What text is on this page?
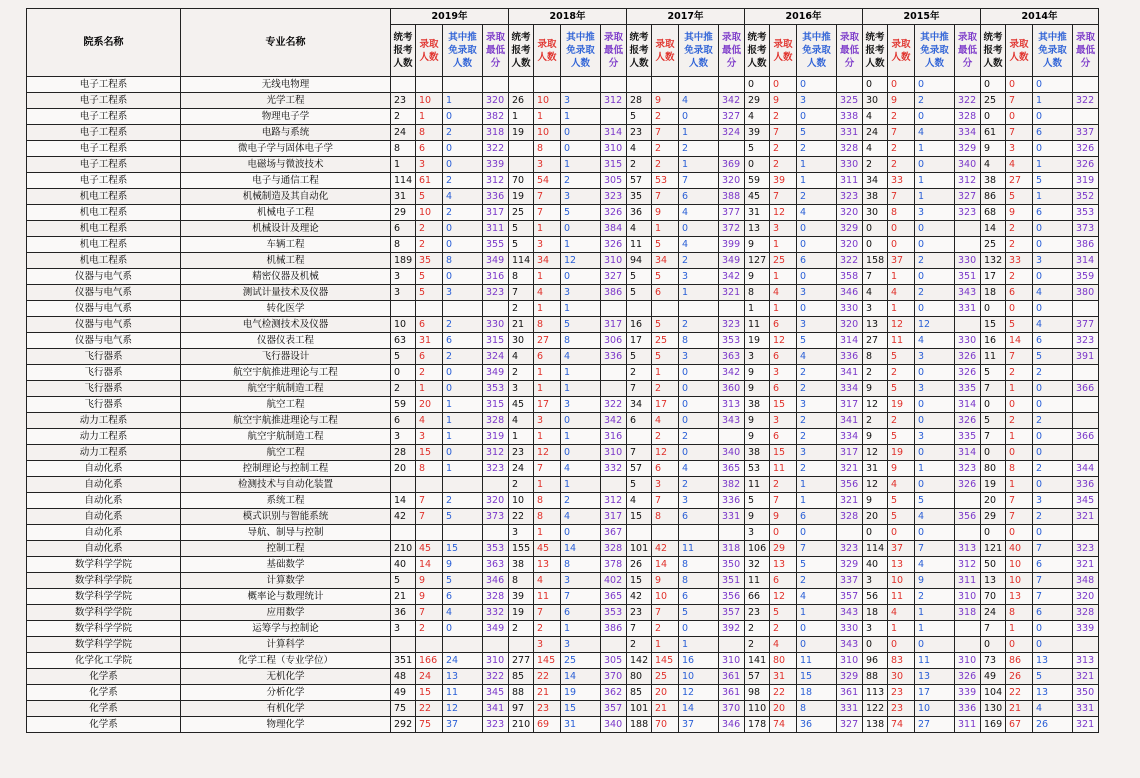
院系名称	专业名称	2019年				2018年				2017年				2016年				2015年				2014年			
		统考报考人数	录取人数	其中推免录取人数	录取最低分	统考报考人数	录取人数	其中推免录取人数	录取最低分	统考报考人数	录取人数	其中推免录取人数	录取最低分	统考报考人数	录取人数	其中推免录取人数	录取最低分	统考报考人数	录取人数	其中推免录取人数	录取最低分	统考报考人数	录取人数	其中推免录取人数	录取最低分
电子工程系	无线电物理													0	0	0		0	0	0		0	0	0	
电子工程系	光学工程	23	10	1	320	26	10	3	312	28	9	4	342	29	9	3	325	30	9	2	322	25	7	1	322
电子工程系	物理电子学	2	1	0	382	1	1	1		5	2	0	327	4	2	0	338	4	2	0	328	0	0	0	
电子工程系	电路与系统	24	8	2	318	19	10	0	314	23	7	1	324	39	7	5	331	24	7	4	334	61	7	6	337
电子工程系	微电子学与固体电子学	8	6	0	322		8	0	310	4	2	2		5	2	2	328	4	2	1	329	9	3	0	326
电子工程系	电磁场与微波技术	1	3	0	339		3	1	315	2	2	1	369	0	2	1	330	2	2	0	340	4	4	1	326
电子工程系	电子与通信工程	114	61	2	312	70	54	2	305	57	53	7	320	59	39	1	311	34	33	1	312	38	27	5	319
机电工程系	机械制造及其自动化	31	5	4	336	19	7	3	323	35	7	6	388	45	7	2	323	38	7	1	327	86	5	1	352
机电工程系	机械电子工程	29	10	2	317	25	7	5	326	36	9	4	377	31	12	4	320	30	8	3	323	68	9	6	353
机电工程系	机械设计及理论	6	2	0	311	5	1	0	384	4	1	0	372	13	3	0	329	0	0	0		14	2	0	373
机电工程系	车辆工程	8	2	0	355	5	3	1	326	11	5	4	399	9	1	0	320	0	0	0		25	2	0	386
机电工程系	机械工程	189	35	8	349	114	34	12	310	94	34	2	349	127	25	6	322	158	37	2	330	132	33	3	314
仪器与电气系	精密仪器及机械	3	5	0	316	8	1	0	327	5	5	3	342	9	1	0	358	7	1	0	351	17	2	0	359
仪器与电气系	测试计量技术及仪器	3	5	3	323	7	4	3	386	5	6	1	321	8	4	3	346	4	4	2	343	18	6	4	380
仪器与电气系	转化医学					2	1	1						1	1	0	330	3	1	0	331	0	0	0	
仪器与电气系	电气检测技术及仪器	10	6	2	330	21	8	5	317	16	5	2	323	11	6	3	320	13	12	12		15	5	4	377
仪器与电气系	仪器仪表工程	63	31	6	315	30	27	8	306	17	25	8	353	19	12	5	314	27	11	4	330	16	14	6	323
飞行器系	飞行器设计	5	6	2	324	4	6	4	336	5	5	3	363	3	6	4	336	8	5	3	326	11	7	5	391
飞行器系	航空宇航推进理论与工程	0	2	0	349	2	1	1		2	1	0	342	9	3	2	341	2	2	0	326	5	2	2	
飞行器系	航空宇航制造工程	2	1	0	353	3	1	1		7	2	0	360	9	6	2	334	9	5	3	335	7	1	0	366
飞行器系	航空工程	59	20	1	315	45	17	3	322	34	17	0	313	38	15	3	317	12	19	0	314	0	0	0	
动力工程系	航空宇航推进理论与工程	6	4	1	328	4	3	0	342	6	4	0	343	9	3	2	341	2	2	0	326	5	2	2	
动力工程系	航空宇航制造工程	3	3	1	319	1	1	1	316		2	2		9	6	2	334	9	5	3	335	7	1	0	366
动力工程系	航空工程	28	15	0	312	23	12	0	310	7	12	0	340	38	15	3	317	12	19	0	314	0	0	0	
自动化系	控制理论与控制工程	20	8	1	323	24	7	4	332	57	6	4	365	53	11	2	321	31	9	1	323	80	8	2	344
自动化系	检测技术与自动化装置					2	1	1		5	3	2	382	11	2	1	356	12	4	0	326	19	1	0	336
自动化系	系统工程	14	7	2	320	10	8	2	312	4	7	3	336	5	7	1	321	9	5	5		20	7	3	345
自动化系	模式识别与智能系统	42	7	5	373	22	8	4	317	15	8	6	331	9	9	6	328	20	5	4	356	29	7	2	321
自动化系	导航、制导与控制					3	1	0	367					3	0	0		0	0	0		0	0	0	
自动化系	控制工程	210	45	15	353	155	45	14	328	101	42	11	318	106	29	7	323	114	37	7	313	121	40	7	323
数学科学学院	基础数学	40	14	9	363	38	13	8	378	26	14	8	350	32	13	5	329	40	13	4	312	50	10	6	321
数学科学学院	计算数学	5	9	5	346	8	4	3	402	15	9	8	351	11	6	2	337	3	10	9	311	13	10	7	348
数学科学学院	概率论与数理统计	21	9	6	328	39	11	7	365	42	10	6	356	66	12	4	357	56	11	2	310	70	13	7	320
数学科学学院	应用数学	36	7	4	332	19	7	6	353	23	7	5	357	23	5	1	343	18	4	1	318	24	8	6	328
数学科学学院	运筹学与控制论	3	2	0	349	2	2	1	386	7	2	0	392	2	2	0	330	3	1	1		7	1	0	339
数学科学学院	计算科学						3	3		2	1	1		2	4	0	343	0	0	0		0	0	0	
化学化工学院	化学工程（专业学位）	351	166	24	310	277	145	25	305	142	145	16	310	141	80	11	310	96	83	11	310	73	86	13	313
化学系	无机化学	48	24	13	322	85	22	14	370	80	25	10	361	57	31	15	329	88	30	13	326	49	26	5	321
化学系	分析化学	49	15	11	345	88	21	19	362	85	20	12	361	98	22	18	361	113	23	17	339	104	22	13	350
化学系	有机化学	75	22	12	341	97	23	15	357	101	21	14	370	110	20	8	331	122	23	10	336	130	21	4	331
化学系	物理化学	292	75	37	323	210	69	31	340	188	70	37	346	178	74	36	327	138	74	27	311	169	67	26	321
